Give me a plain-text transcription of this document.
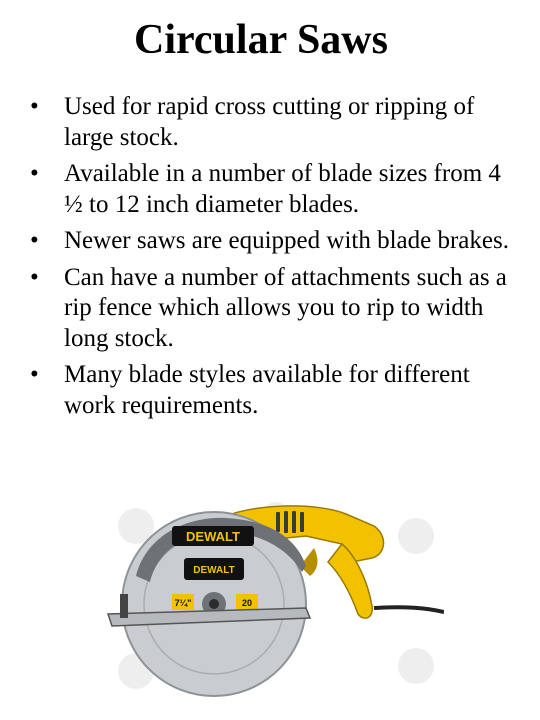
Circular Saws
•	Used for rapid cross cutting or ripping of large stock.
•	Available in a number of blade sizes from 4 ½ to 12 inch diameter blades.
•	Newer saws are equipped with blade brakes.
•	Can have a number of attachments such as a rip fence which allows you to rip to width long stock.
•	Many blade styles available for different work requirements.
DEWALT
DEWALT
7¼"	20
